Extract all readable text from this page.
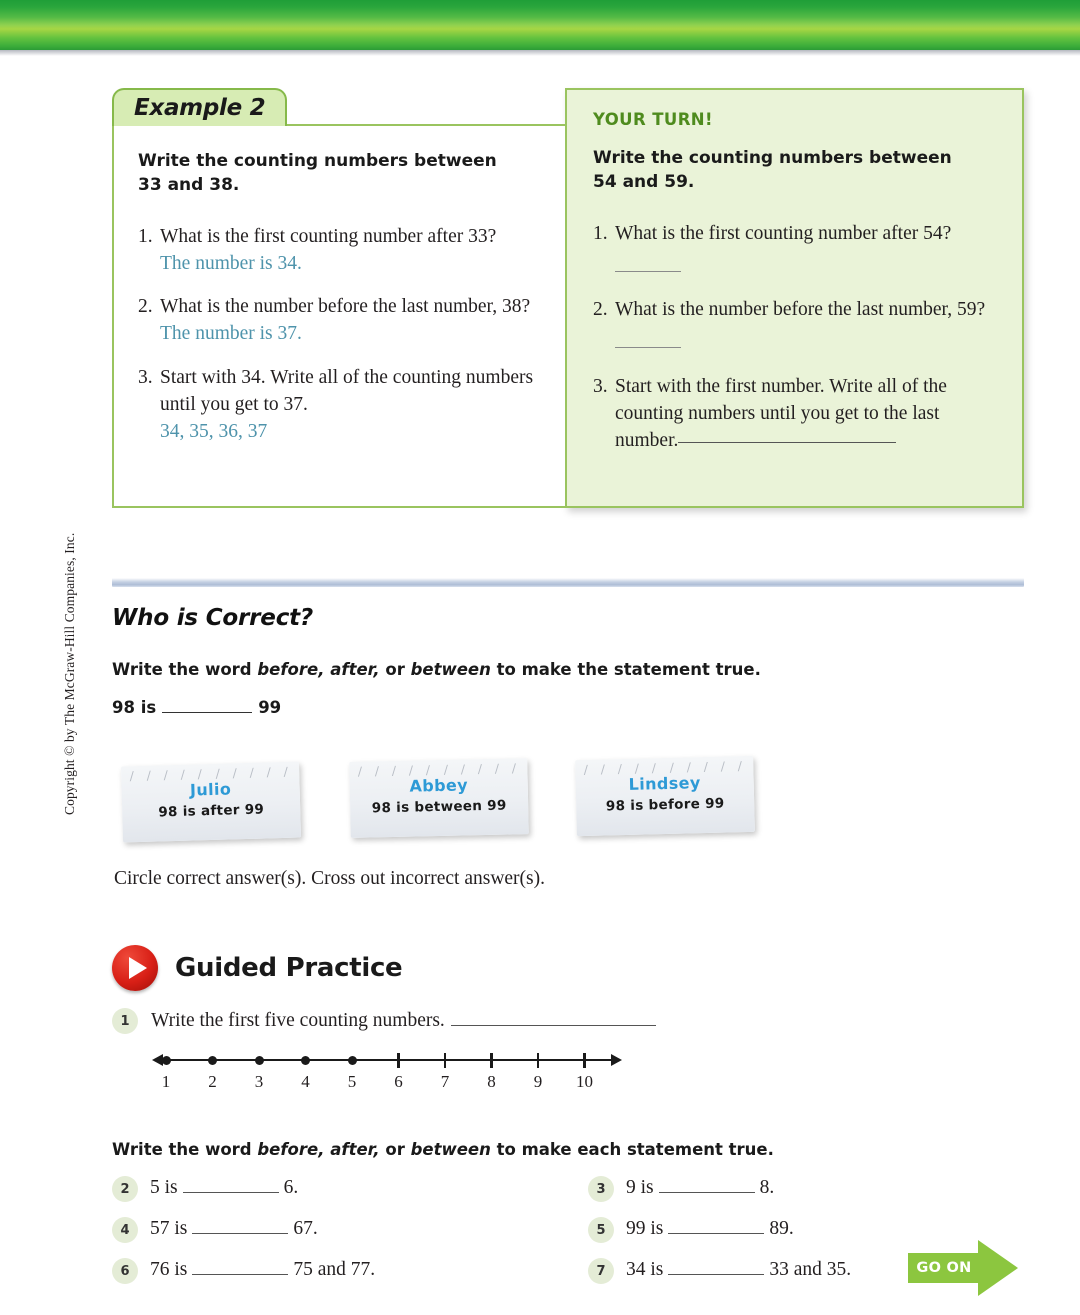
Copyright © by The McGraw-Hill Companies, Inc.
YOUR TURN!
Write the counting numbers between
54 and 59.
1. What is the first counting number after 54?
2. What is the number before the last number, 59?
3. Start with the first number. Write all of the counting numbers until you get to the last number.
Write the counting numbers between
33 and 38.
1. What is the first counting number after 33?
The number is 34.
2. What is the number before the last number, 38?
The number is 37.
3. Start with 34. Write all of the counting numbers until you get to 37.
34, 35, 36, 37
Example 2
Who is Correct?
Write the word before, after, or between to make the statement true.
98 is	99
Julio
98 is after 99
Abbey
98 is between 99
Lindsey
98 is before 99
Circle correct answer(s). Cross out incorrect answer(s).
Guided Practice
1	Write the first five counting numbers.
1	2	3	4	5	6	7	8	9	10
Write the word before, after, or between to make each statement true.
2	5 is	6.
4	57 is	67.
6	76 is	75 and 77.
3	9 is	8.
5	99 is	89.
7	34 is	33 and 35.	GO ON
